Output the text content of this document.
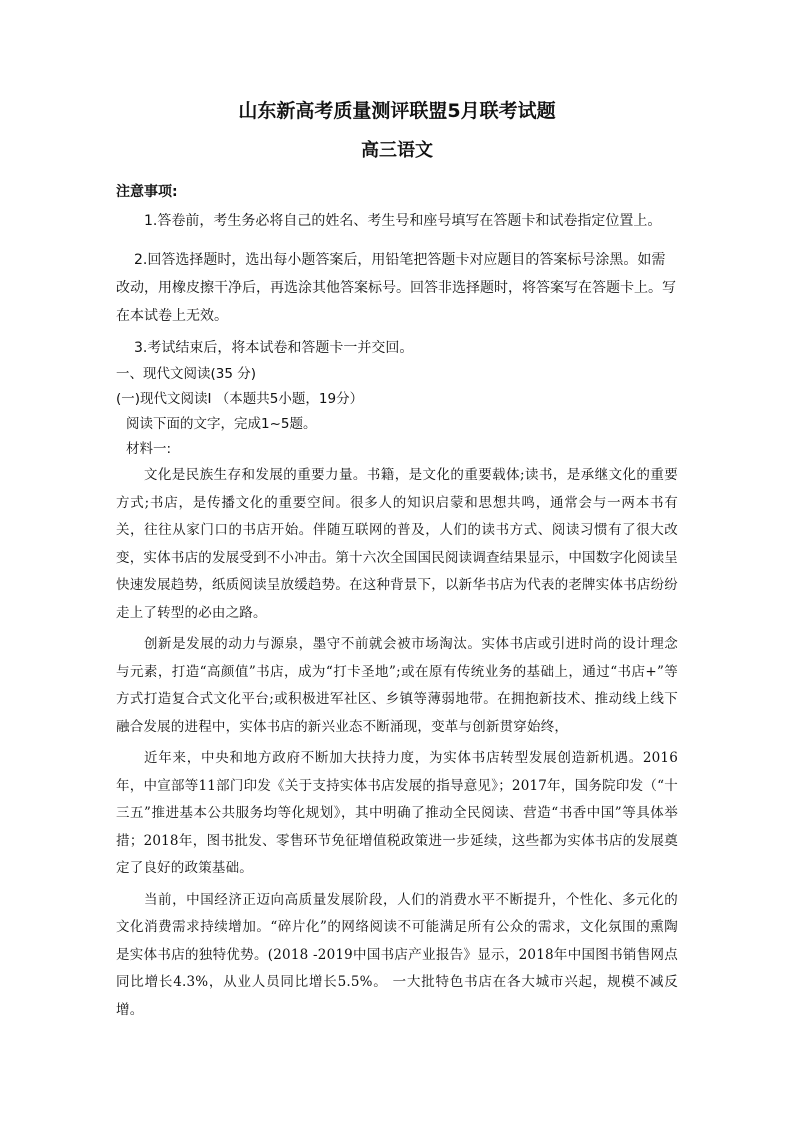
山东新高考质量测评联盟5月联考试题
高三语文

注意事项:

1.答卷前，考生务必将自己的姓名、考生号和座号填写在答题卡和试卷指定位置上。

2.回答选择题时，选出每小题答案后，用铅笔把答题卡对应题目的答案标号涂黑。如需改动，用橡皮擦干净后，再选涂其他答案标号。回答非选择题时，将答案写在答题卡上。写在本试卷上无效。

3.考试结束后，将本试卷和答题卡一并交回。

一、现代文阅读(35 分)

(一)现代文阅读Ⅰ （本题共5小题，19分）

阅读下面的文字，完成1~5题。

材料一:

文化是民族生存和发展的重要力量。书籍，是文化的重要载体;读书，是承继文化的重要方式;书店，是传播文化的重要空间。很多人的知识启蒙和思想共鸣，通常会与一两本书有关，往往从家门口的书店开始。伴随互联网的普及，人们的读书方式、阅读习惯有了很大改变，实体书店的发展受到不小冲击。第十六次全国国民阅读调查结果显示，中国数字化阅读呈快速发展趋势，纸质阅读呈放缓趋势。在这种背景下，以新华书店为代表的老牌实体书店纷纷走上了转型的必由之路。

创新是发展的动力与源泉，墨守不前就会被市场淘汰。实体书店或引进时尚的设计理念与元素，打造“高颜值”书店，成为“打卡圣地”;或在原有传统业务的基础上，通过“书店+”等方式打造复合式文化平台;或积极进军社区、乡镇等薄弱地带。在拥抱新技术、推动线上线下融合发展的进程中，实体书店的新兴业态不断涌现，变革与创新贯穿始终，

近年来，中央和地方政府不断加大扶持力度，为实体书店转型发展创造新机遇。2016年，中宣部等11部门印发《关于支持实体书店发展的指导意见》；2017年，国务院印发（“十三五”推进基本公共服务均等化规划》，其中明确了推动全民阅读、营造“书香中国”等具体举措；2018年，图书批发、零售环节免征增值税政策进一步延续，这些都为实体书店的发展奠定了良好的政策基础。

当前，中国经济正迈向高质量发展阶段，人们的消费水平不断提升，个性化、多元化的文化消费需求持续增加。“碎片化”的网络阅读不可能满足所有公众的需求，文化氛围的熏陶是实体书店的独特优势。(2018 -2019中国书店产业报告》显示，2018年中国图书销售网点同比增长4.3%，从业人员同比增长5.5%。 一大批特色书店在各大城市兴起，规模不减反增。
